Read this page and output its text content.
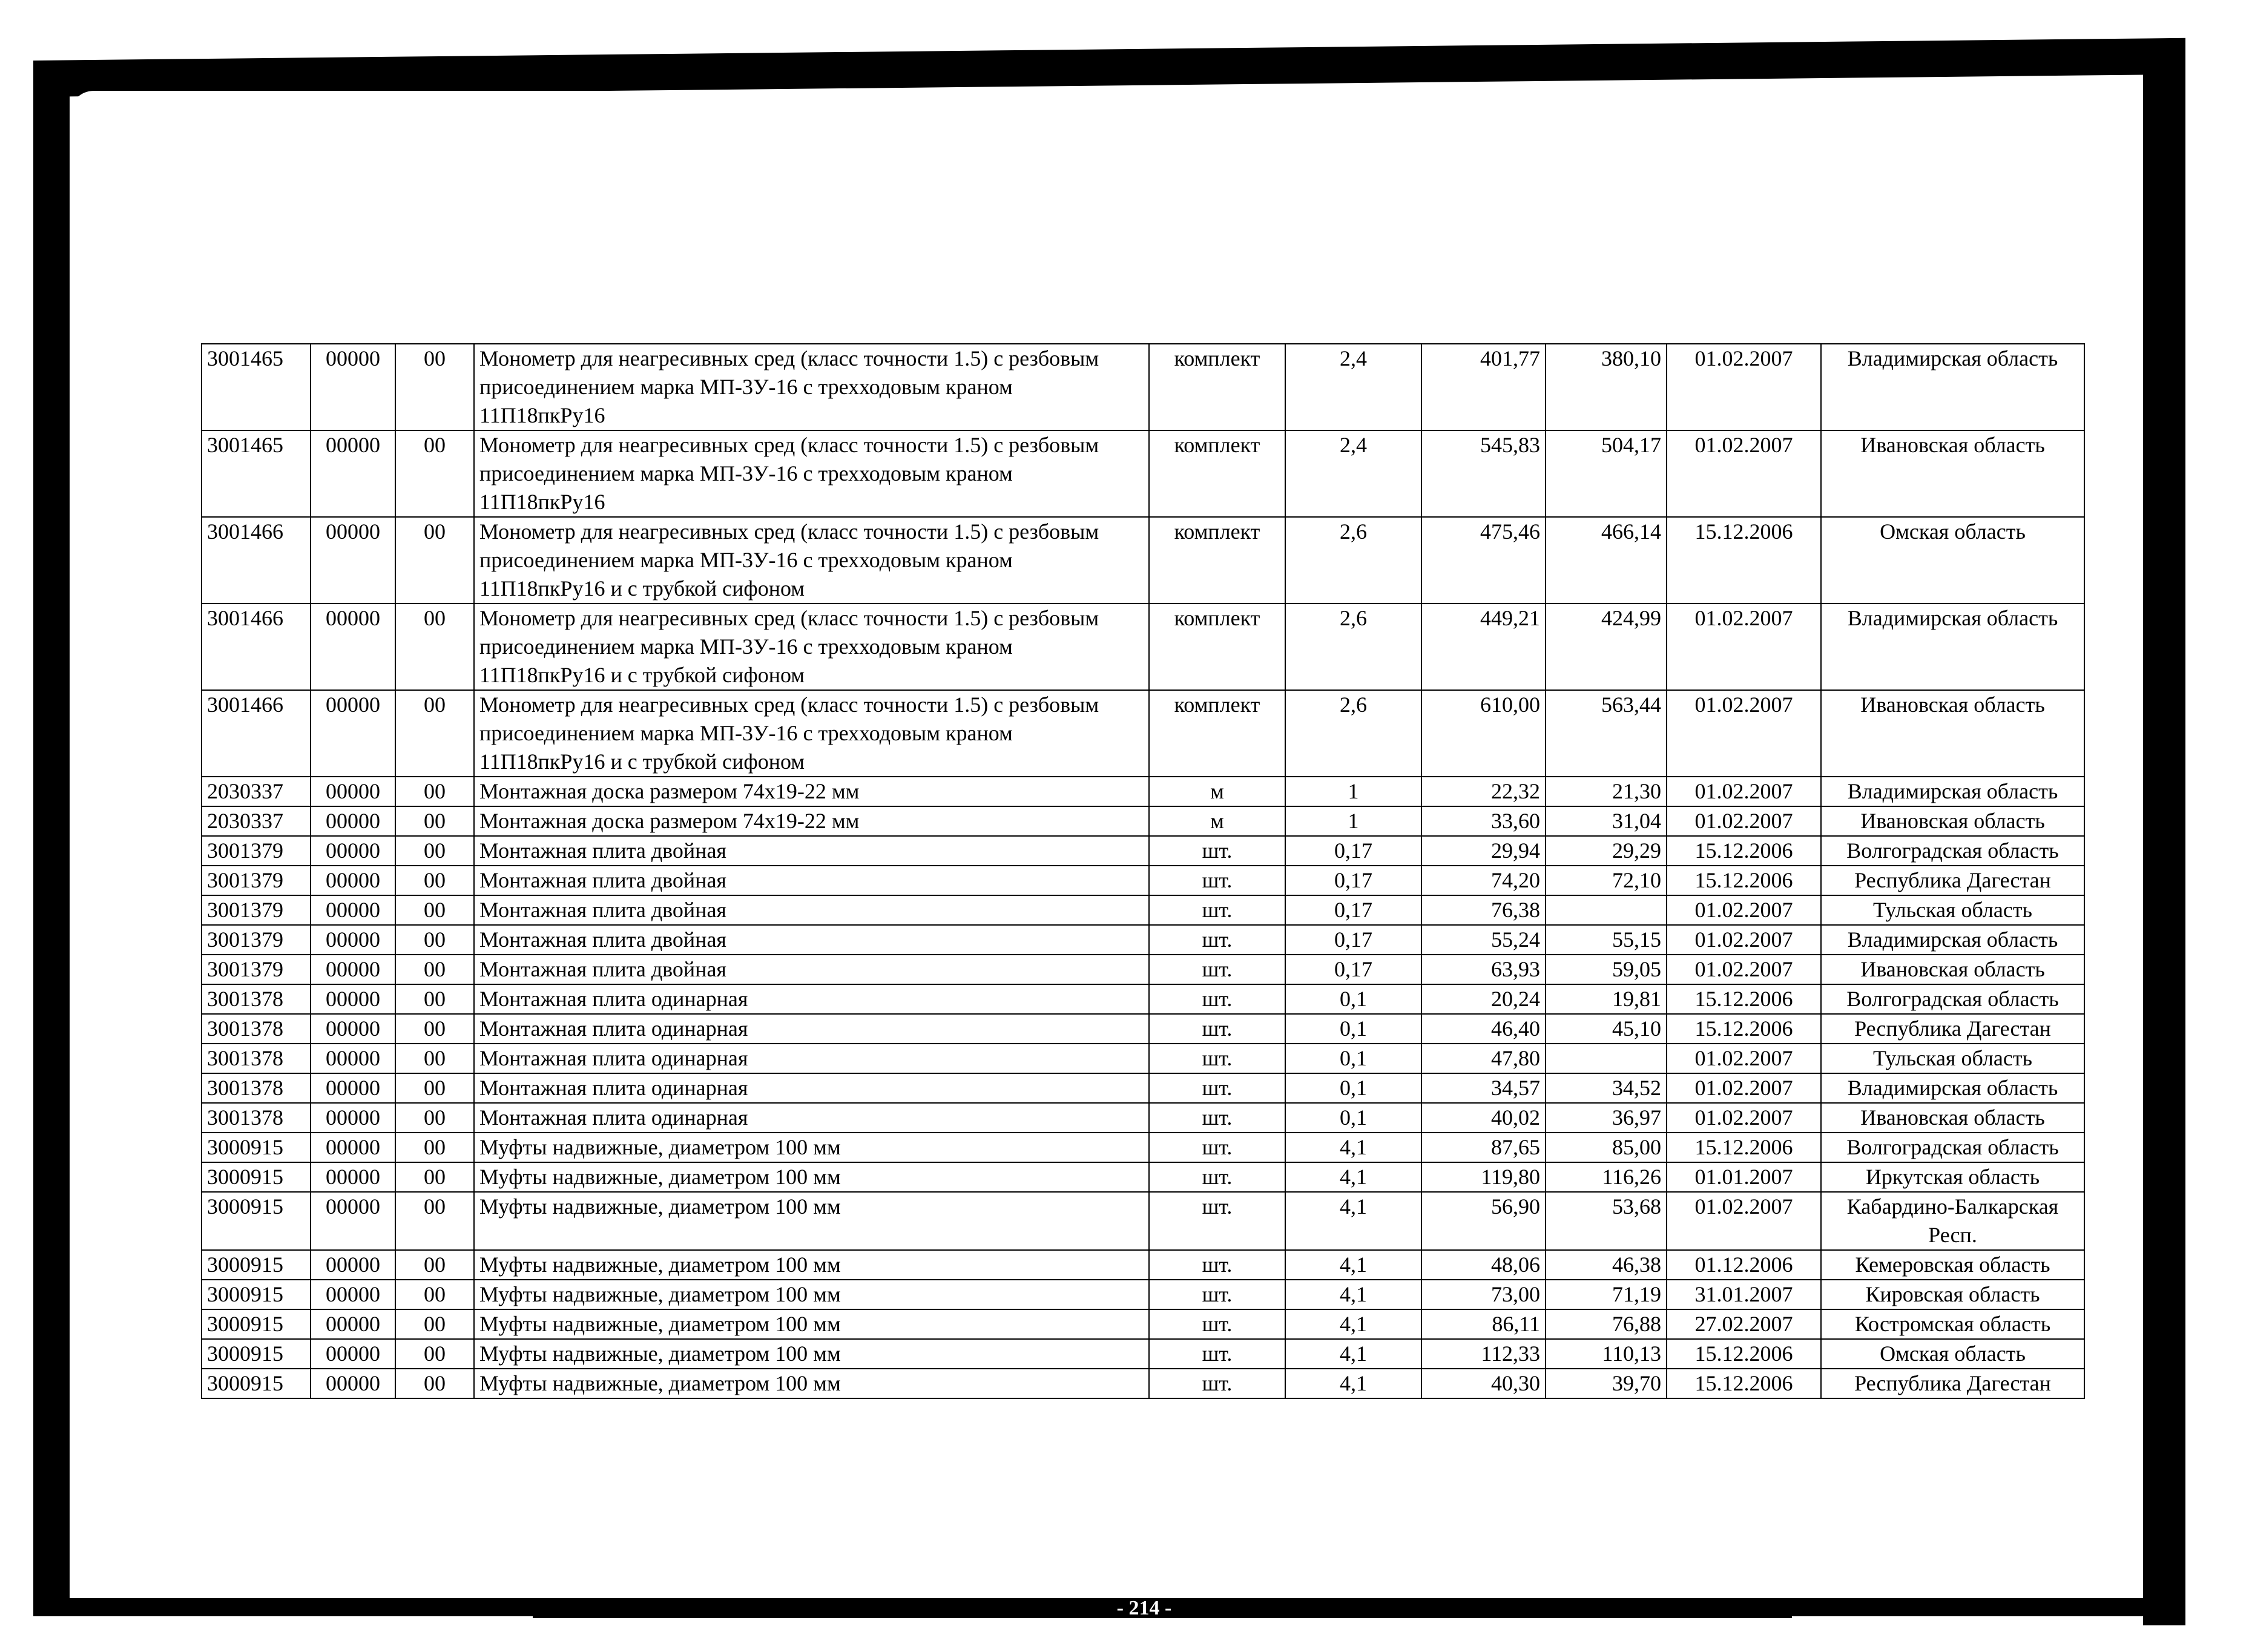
3001465	00000	00	Монометр для неагресивных сред (класс точности 1.5) с резбовым присоединением марка МП-3У-16 с трехходовым краном 11П18пкРу16	комплект	2,4	401,77	380,10	01.02.2007	Владимирская область
3001465	00000	00	Монометр для неагресивных сред (класс точности 1.5) с резбовым присоединением марка МП-3У-16 с трехходовым краном 11П18пкРу16	комплект	2,4	545,83	504,17	01.02.2007	Ивановская область
3001466	00000	00	Монометр для неагресивных сред (класс точности 1.5) с резбовым присоединением марка МП-3У-16 с трехходовым краном 11П18пкРу16 и с трубкой сифоном	комплект	2,6	475,46	466,14	15.12.2006	Омская область
3001466	00000	00	Монометр для неагресивных сред (класс точности 1.5) с резбовым присоединением марка МП-3У-16 с трехходовым краном 11П18пкРу16 и с трубкой сифоном	комплект	2,6	449,21	424,99	01.02.2007	Владимирская область
3001466	00000	00	Монометр для неагресивных сред (класс точности 1.5) с резбовым присоединением марка МП-3У-16 с трехходовым краном 11П18пкРу16 и с трубкой сифоном	комплект	2,6	610,00	563,44	01.02.2007	Ивановская область
2030337	00000	00	Монтажная доска размером 74х19-22 мм	м	1	22,32	21,30	01.02.2007	Владимирская область
2030337	00000	00	Монтажная доска размером 74х19-22 мм	м	1	33,60	31,04	01.02.2007	Ивановская область
3001379	00000	00	Монтажная плита двойная	шт.	0,17	29,94	29,29	15.12.2006	Волгоградская область
3001379	00000	00	Монтажная плита двойная	шт.	0,17	74,20	72,10	15.12.2006	Республика Дагестан
3001379	00000	00	Монтажная плита двойная	шт.	0,17	76,38		01.02.2007	Тульская область
3001379	00000	00	Монтажная плита двойная	шт.	0,17	55,24	55,15	01.02.2007	Владимирская область
3001379	00000	00	Монтажная плита двойная	шт.	0,17	63,93	59,05	01.02.2007	Ивановская область
3001378	00000	00	Монтажная плита одинарная	шт.	0,1	20,24	19,81	15.12.2006	Волгоградская область
3001378	00000	00	Монтажная плита одинарная	шт.	0,1	46,40	45,10	15.12.2006	Республика Дагестан
3001378	00000	00	Монтажная плита одинарная	шт.	0,1	47,80		01.02.2007	Тульская область
3001378	00000	00	Монтажная плита одинарная	шт.	0,1	34,57	34,52	01.02.2007	Владимирская область
3001378	00000	00	Монтажная плита одинарная	шт.	0,1	40,02	36,97	01.02.2007	Ивановская область
3000915	00000	00	Муфты надвижные, диаметром 100 мм	шт.	4,1	87,65	85,00	15.12.2006	Волгоградская область
3000915	00000	00	Муфты надвижные, диаметром 100 мм	шт.	4,1	119,80	116,26	01.01.2007	Иркутская область
3000915	00000	00	Муфты надвижные, диаметром 100 мм	шт.	4,1	56,90	53,68	01.02.2007	Кабардино-Балкарская Респ.
3000915	00000	00	Муфты надвижные, диаметром 100 мм	шт.	4,1	48,06	46,38	01.12.2006	Кемеровская область
3000915	00000	00	Муфты надвижные, диаметром 100 мм	шт.	4,1	73,00	71,19	31.01.2007	Кировская область
3000915	00000	00	Муфты надвижные, диаметром 100 мм	шт.	4,1	86,11	76,88	27.02.2007	Костромская область
3000915	00000	00	Муфты надвижные, диаметром 100 мм	шт.	4,1	112,33	110,13	15.12.2006	Омская область
3000915	00000	00	Муфты надвижные, диаметром 100 мм	шт.	4,1	40,30	39,70	15.12.2006	Республика Дагестан
- 214 -
